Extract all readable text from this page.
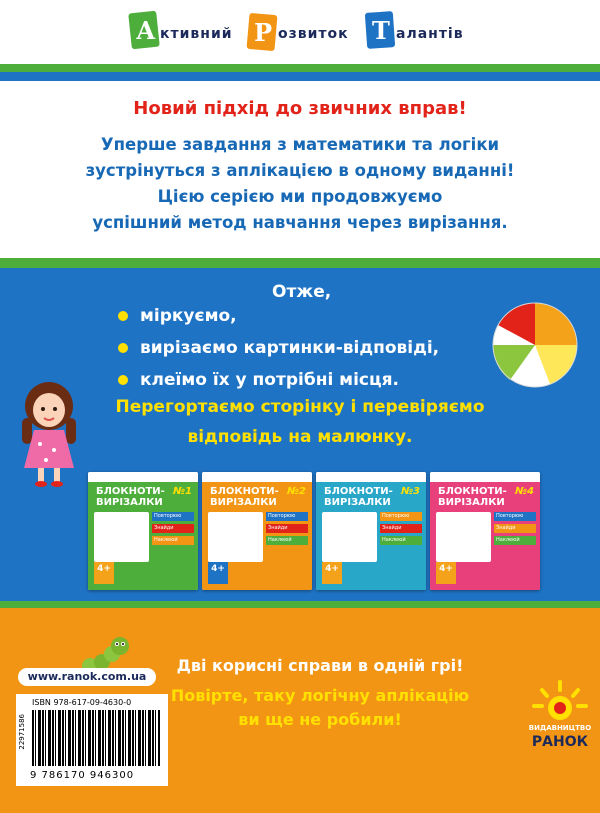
А ктивний Р озвиток Т алантів
Новий підхід до звичних вправ!
Уперше завдання з математики та логіки
зустрінуться з аплікацією в одному виданні!
Цією серією ми продовжуємо
успішний метод навчання через вирізання.
Отже,
міркуємо,
вирізаємо картинки-відповіді,
клеїмо їх у потрібні місця.
Перегортаємо сторінку і перевіряємо
відповідь на малюнку.
БЛОКНОТИ-
ВИРІЗАЛКИ
№1
Повторюю
Знайди
Наклеюй
4+
БЛОКНОТИ-
ВИРІЗАЛКИ
№2
Повторюю
Знайди
Наклеюй
4+
БЛОКНОТИ-
ВИРІЗАЛКИ
№3
Повторюю
Знайди
Наклеюй
4+
БЛОКНОТИ-
ВИРІЗАЛКИ
№4
Повторюю
Знайди
Наклеюй
4+
www.ranok.com.ua
ISBN 978-617-09-4630-0
22971586
9 786170 946300
Дві корисні справи в одній грі!
Повірте, таку логічну аплікацію
ви ще не робили!	ВИДАВНИЦТВО
РАНОК
